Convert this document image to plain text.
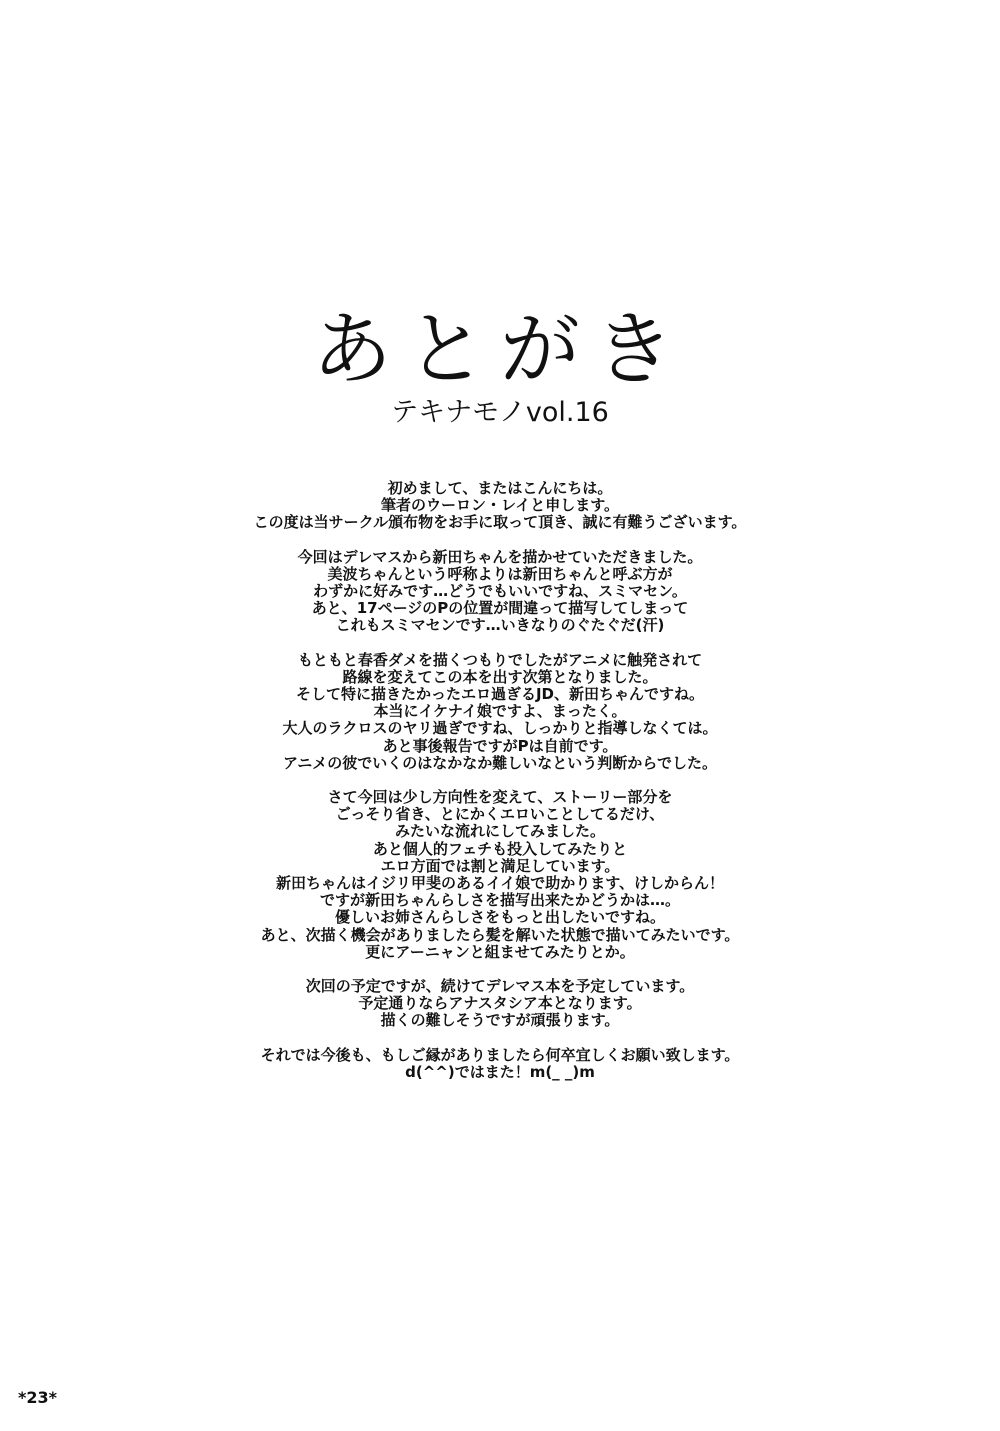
あとがき
テキナモノvol.16
初めまして、またはこんにちは。
筆者のウーロン・レイと申します。
この度は当サークル頒布物をお手に取って頂き、誠に有難うございます。
今回はデレマスから新田ちゃんを描かせていただきました。
美波ちゃんという呼称よりは新田ちゃんと呼ぶ方が
わずかに好みです…どうでもいいですね、スミマセン。
あと、17ページのPの位置が間違って描写してしまって
これもスミマセンです…いきなりのぐたぐだ(汗)
もともと春香ダメを描くつもりでしたがアニメに触発されて
路線を変えてこの本を出す次第となりました。
そして特に描きたかったエロ過ぎるJD、新田ちゃんですね。
本当にイケナイ娘ですよ、まったく。
大人のラクロスのヤリ過ぎですね、しっかりと指導しなくては。
あと事後報告ですがPは自前です。
アニメの彼でいくのはなかなか難しいなという判断からでした。
さて今回は少し方向性を変えて、ストーリー部分を
ごっそり省き、とにかくエロいことしてるだけ、
みたいな流れにしてみました。
あと個人的フェチも投入してみたりと
エロ方面では割と満足しています。
新田ちゃんはイジリ甲斐のあるイイ娘で助かります、けしからん！
ですが新田ちゃんらしさを描写出来たかどうかは…。
優しいお姉さんらしさをもっと出したいですね。
あと、次描く機会がありましたら髪を解いた状態で描いてみたいです。
更にアーニャンと組ませてみたりとか。
次回の予定ですが、続けてデレマス本を予定しています。
予定通りならアナスタシア本となります。
描くの難しそうですが頑張ります。
それでは今後も、もしご縁がありましたら何卒宜しくお願い致します。
d(^^)ではまた！m(_ _)m
*23*
